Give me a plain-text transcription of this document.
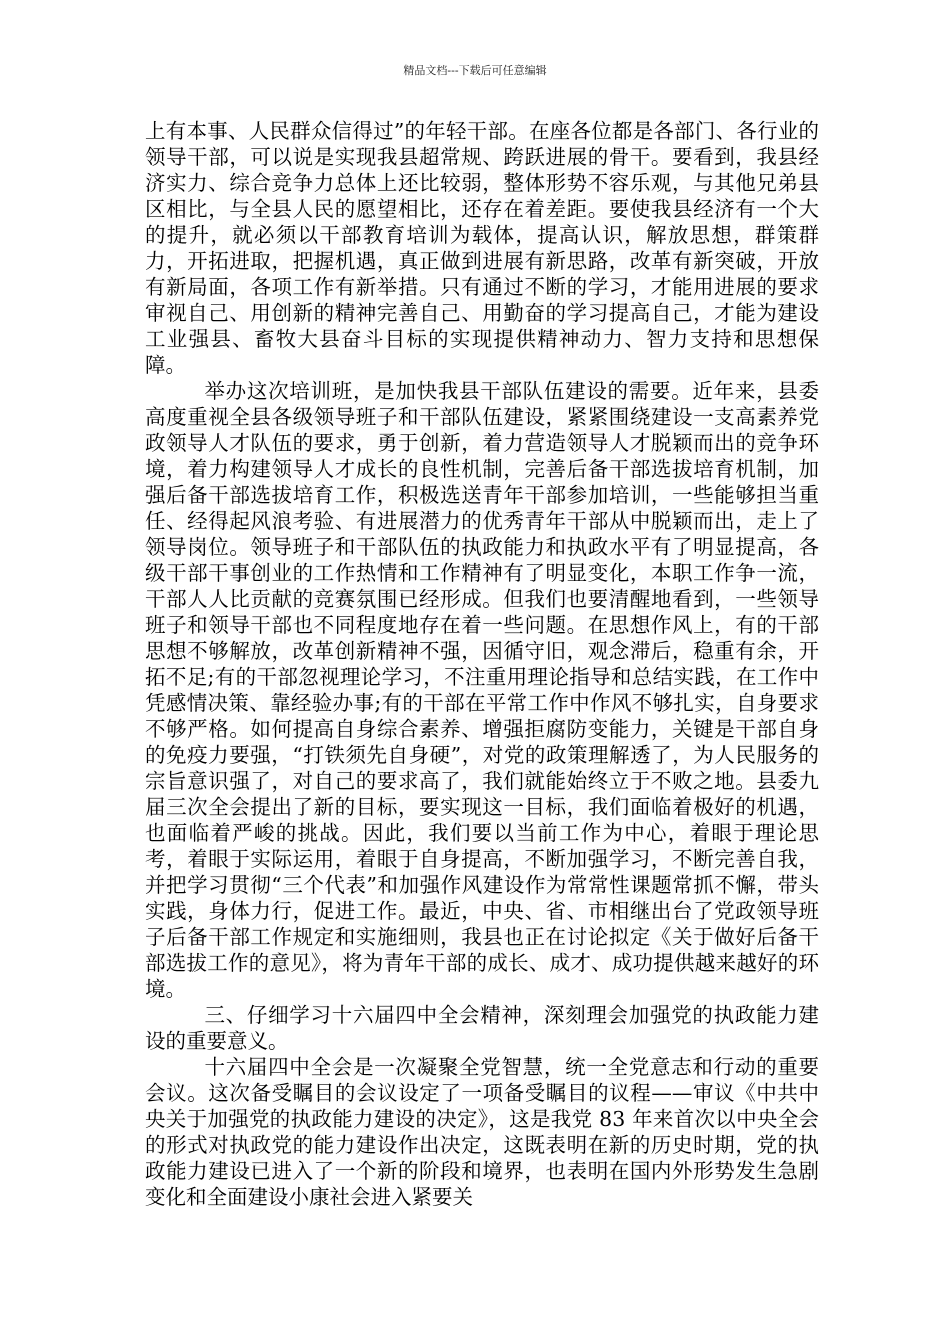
精品文档---下载后可任意编辑

上有本事、人民群众信得过”的年轻干部。在座各位都是各部门、各行业的领导干部，可以说是实现我县超常规、跨跃进展的骨干。要看到，我县经济实力、综合竞争力总体上还比较弱，整体形势不容乐观，与其他兄弟县区相比，与全县人民的愿望相比，还存在着差距。要使我县经济有一个大的提升，就必须以干部教育培训为载体，提高认识，解放思想，群策群力，开拓进取，把握机遇，真正做到进展有新思路，改革有新突破，开放有新局面，各项工作有新举措。只有通过不断的学习，才能用进展的要求审视自己、用创新的精神完善自己、用勤奋的学习提高自己，才能为建设工业强县、畜牧大县奋斗目标的实现提供精神动力、智力支持和思想保障。

举办这次培训班，是加快我县干部队伍建设的需要。近年来，县委高度重视全县各级领导班子和干部队伍建设，紧紧围绕建设一支高素养党政领导人才队伍的要求，勇于创新，着力营造领导人才脱颖而出的竞争环境，着力构建领导人才成长的良性机制，完善后备干部选拔培育机制，加强后备干部选拔培育工作，积极选送青年干部参加培训，一些能够担当重任、经得起风浪考验、有进展潜力的优秀青年干部从中脱颖而出，走上了领导岗位。领导班子和干部队伍的执政能力和执政水平有了明显提高，各级干部干事创业的工作热情和工作精神有了明显变化，本职工作争一流，干部人人比贡献的竞赛氛围已经形成。但我们也要清醒地看到，一些领导班子和领导干部也不同程度地存在着一些问题。在思想作风上，有的干部思想不够解放，改革创新精神不强，因循守旧，观念滞后，稳重有余，开拓不足;有的干部忽视理论学习，不注重用理论指导和总结实践，在工作中凭感情决策、靠经验办事;有的干部在平常工作中作风不够扎实，自身要求不够严格。如何提高自身综合素养、增强拒腐防变能力，关键是干部自身的免疫力要强，“打铁须先自身硬”，对党的政策理解透了，为人民服务的宗旨意识强了，对自己的要求高了，我们就能始终立于不败之地。县委九届三次全会提出了新的目标，要实现这一目标，我们面临着极好的机遇，也面临着严峻的挑战。因此，我们要以当前工作为中心，着眼于理论思考，着眼于实际运用，着眼于自身提高，不断加强学习，不断完善自我，并把学习贯彻“三个代表”和加强作风建设作为常常性课题常抓不懈，带头实践，身体力行，促进工作。最近，中央、省、市相继出台了党政领导班子后备干部工作规定和实施细则，我县也正在讨论拟定《关于做好后备干部选拔工作的意见》，将为青年干部的成长、成才、成功提供越来越好的环境。

三、仔细学习十六届四中全会精神，深刻理会加强党的执政能力建设的重要意义。

十六届四中全会是一次凝聚全党智慧，统一全党意志和行动的重要会议。这次备受瞩目的会议设定了一项备受瞩目的议程——审议《中共中央关于加强党的执政能力建设的决定》，这是我党 83 年来首次以中央全会的形式对执政党的能力建设作出决定，这既表明在新的历史时期，党的执政能力建设已进入了一个新的阶段和境界，也表明在国内外形势发生急剧变化和全面建设小康社会进入紧要关
